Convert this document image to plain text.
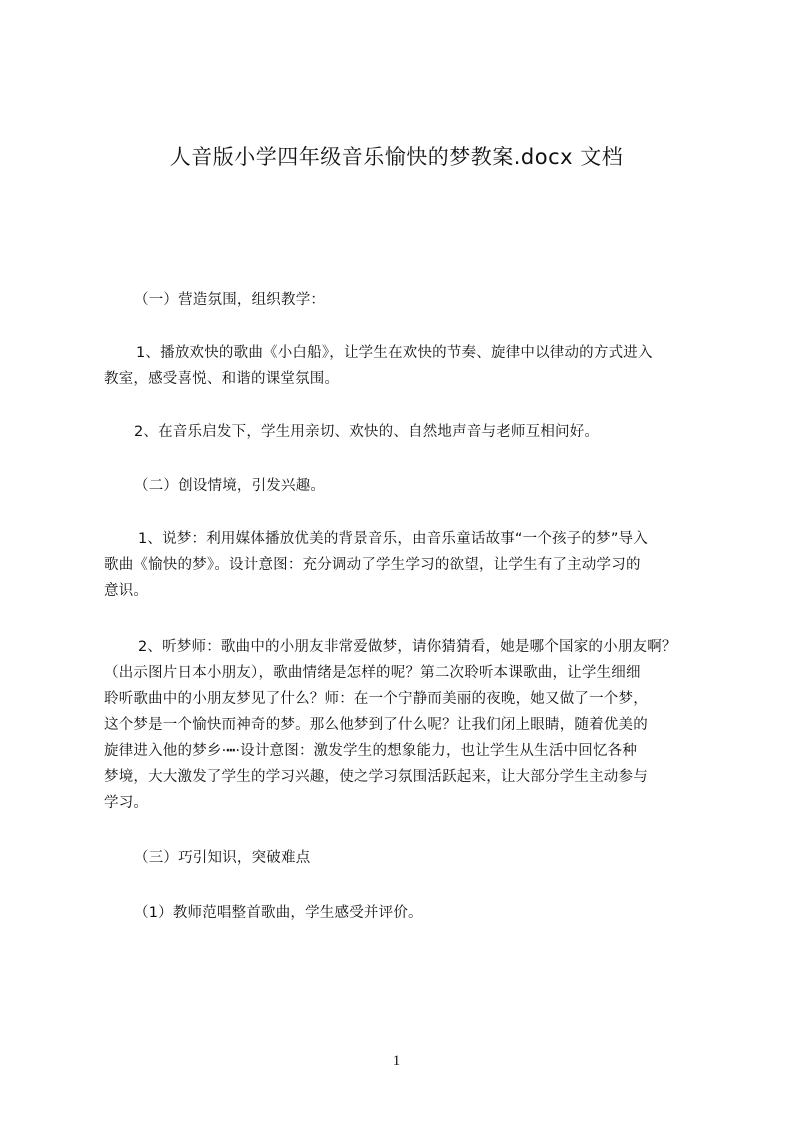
人音版小学四年级音乐愉快的梦教案.docx 文档

（一）营造氛围，组织教学：

1、播放欢快的歌曲《小白船》，让学生在欢快的节奏、旋律中以律动的方式进入

教室，感受喜悦、和谐的课堂氛围。

2、在音乐启发下，学生用亲切、欢快的、自然地声音与老师互相问好。

（二）创设情境，引发兴趣。

1、说梦：利用媒体播放优美的背景音乐，由音乐童话故事“一个孩子的梦”导入

歌曲《愉快的梦》。设计意图：充分调动了学生学习的欲望，让学生有了主动学习的

意识。

2、听梦师：歌曲中的小朋友非常爱做梦，请你猜猜看，她是哪个国家的小朋友啊？

（出示图片日本小朋友），歌曲情绪是怎样的呢？第二次聆听本课歌曲，让学生细细

聆听歌曲中的小朋友梦见了什么？师：在一个宁静而美丽的夜晚，她又做了一个梦，

这个梦是一个愉快而神奇的梦。那么他梦到了什么呢？让我们闭上眼睛，随着优美的

旋律进入他的梦乡·┅·设计意图：激发学生的想象能力，也让学生从生活中回忆各种

梦境，大大激发了学生的学习兴趣，使之学习氛围活跃起来，让大部分学生主动参与

学习。

（三）巧引知识，突破难点

（1）教师范唱整首歌曲，学生感受并评价。

1
